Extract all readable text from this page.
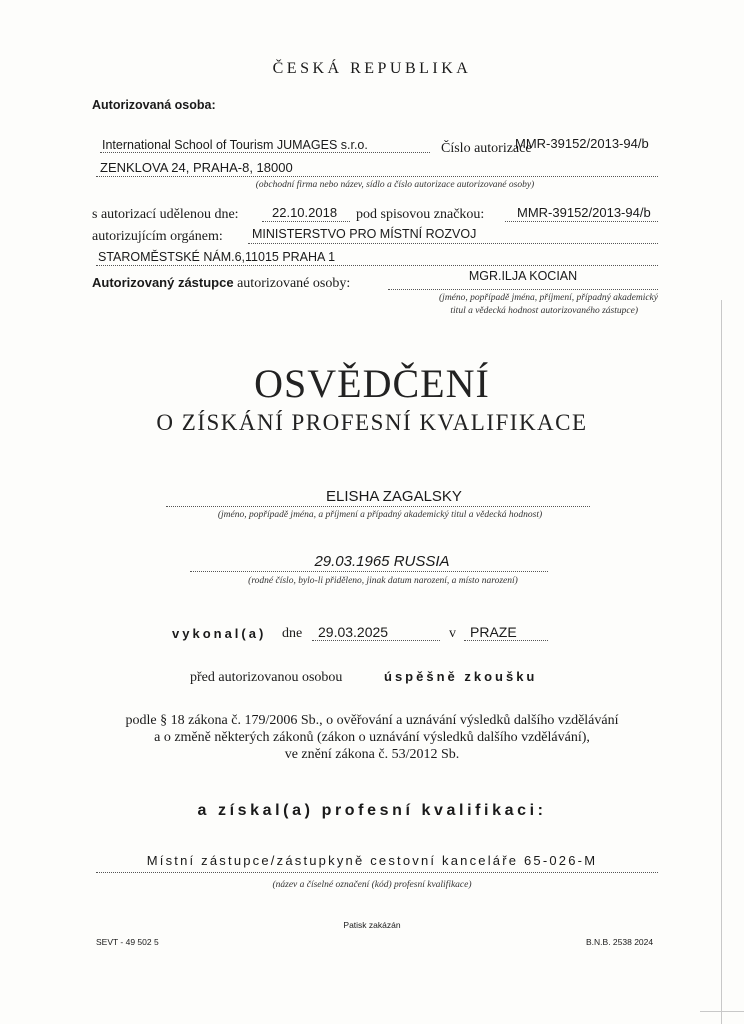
ČESKÁ REPUBLIKA
Autorizovaná osoba:
International School of Tourism JUMAGES s.r.o.	Číslo autorizace
MMR-39152/2013-94/b
ZENKLOVA 24, PRAHA-8, 18000
(obchodní firma nebo název, sídlo a číslo autorizace autorizované osoby)
s autorizací udělenou dne:	22.10.2018 pod spisovou značkou:	MMR-39152/2013-94/b
autorizujícím orgánem: MINISTERSTVO PRO MÍSTNÍ ROZVOJ
STAROMĚSTSKÉ NÁM.6,11015 PRAHA 1
Autorizovaný zástupce autorizované osoby:	MGR.ILJA KOCIAN
(jméno, popřípadě jména, příjmení, případný akademický
titul a vědecká hodnost autorizovaného zástupce)
OSVĚDČENÍ
O ZÍSKÁNÍ PROFESNÍ KVALIFIKACE
ELISHA ZAGALSKY
(jméno, popřípadě jména, a příjmení a případný akademický titul a vědecká hodnost)
29.03.1965 RUSSIA
(rodné číslo, bylo-li přiděleno, jinak datum narození, a místo narození)
vykonal(a) dne 29.03.2025	v PRAZE
před autorizovanou osobou	úspěšně zkoušku
podle § 18 zákona č. 179/2006 Sb., o ověřování a uznávání výsledků dalšího vzdělávání
a o změně některých zákonů (zákon o uznávání výsledků dalšího vzdělávání),
ve znění zákona č. 53/2012 Sb.
a získal(a) profesní kvalifikaci:
Místní zástupce/zástupkyně cestovní kanceláře 65-026-M
(název a číselné označení (kód) profesní kvalifikace)
Patisk zakázán
SEVT - 49 502 5	B.N.B. 2538 2024
